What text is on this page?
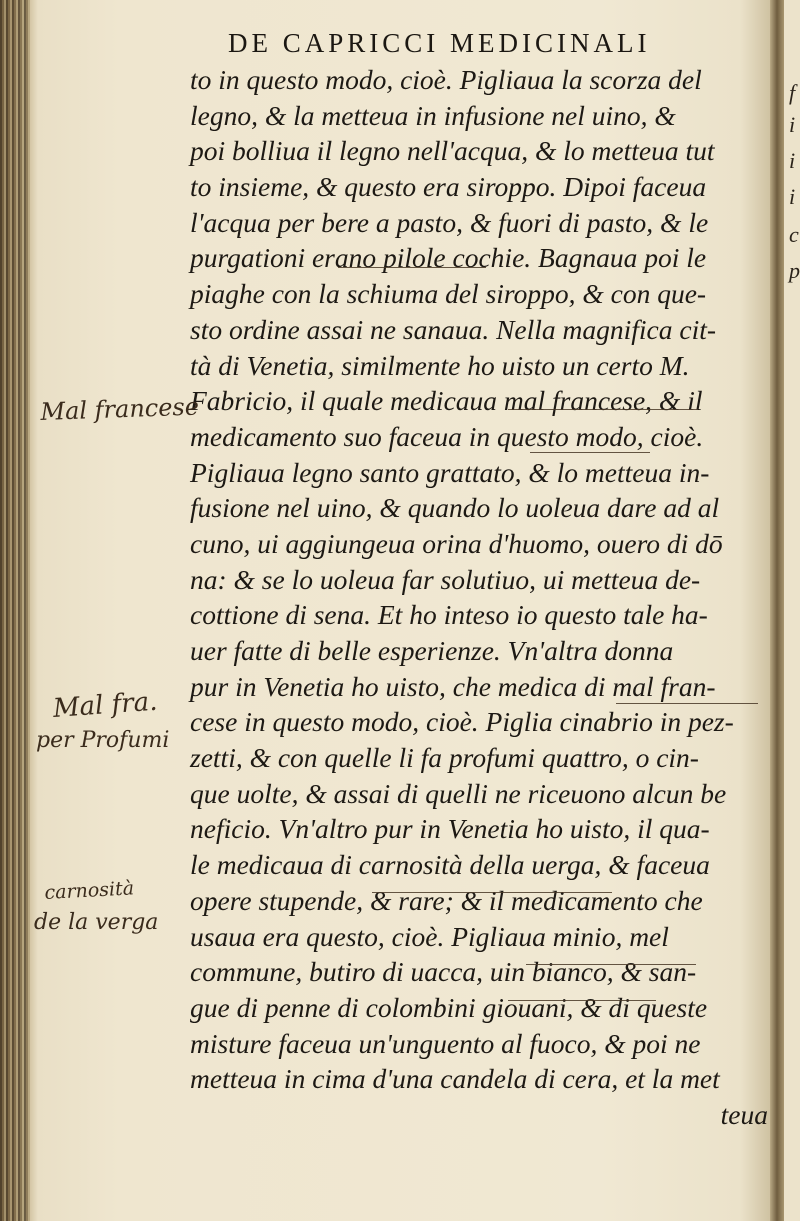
DE CAPRICCI MEDICINALI
to in questo modo, cioè. Pigliaua la scorza del
legno, & la metteua in infusione nel uino, &
poi bolliua il legno nell'acqua, & lo metteua tut
to insieme, & questo era siroppo. Dipoi faceua
l'acqua per bere a pasto, & fuori di pasto, & le
purgationi erano pilole cochie. Bagnaua poi le
piaghe con la schiuma del siroppo, & con que-
sto ordine assai ne sanaua. Nella magnifica cit-
tà di Venetia, similmente ho uisto un certo M.
Fabricio, il quale medicaua mal francese, & il
medicamento suo faceua in questo modo, cioè.
Pigliaua legno santo grattato, & lo metteua in-
fusione nel uino, & quando lo uoleua dare ad al
cuno, ui aggiungeua orina d'huomo, ouero di dō
na: & se lo uoleua far solutiuo, ui metteua de-
cottione di sena. Et ho inteso io questo tale ha-
uer fatte di belle esperienze. Vn'altra donna
pur in Venetia ho uisto, che medica di mal fran-
cese in questo modo, cioè. Piglia cinabrio in pez-
zetti, & con quelle li fa profumi quattro, o cin-
que uolte, & assai di quelli ne riceuono alcun be
neficio. Vn'altro pur in Venetia ho uisto, il qua-
le medicaua di carnosità della uerga, & faceua
opere stupende, & rare; & il medicamento che
usaua era questo, cioè. Pigliaua minio, mel
commune, butiro di uacca, uin bianco, & san-
gue di penne di colombini giouani, & di queste
misture faceua un'unguento al fuoco, & poi ne
metteua in cima d'una candela di cera, et la met
teua
Mal francese
Mal fra.
per Profumi
carnosità
de la verga
f
i
i
i
c
p
